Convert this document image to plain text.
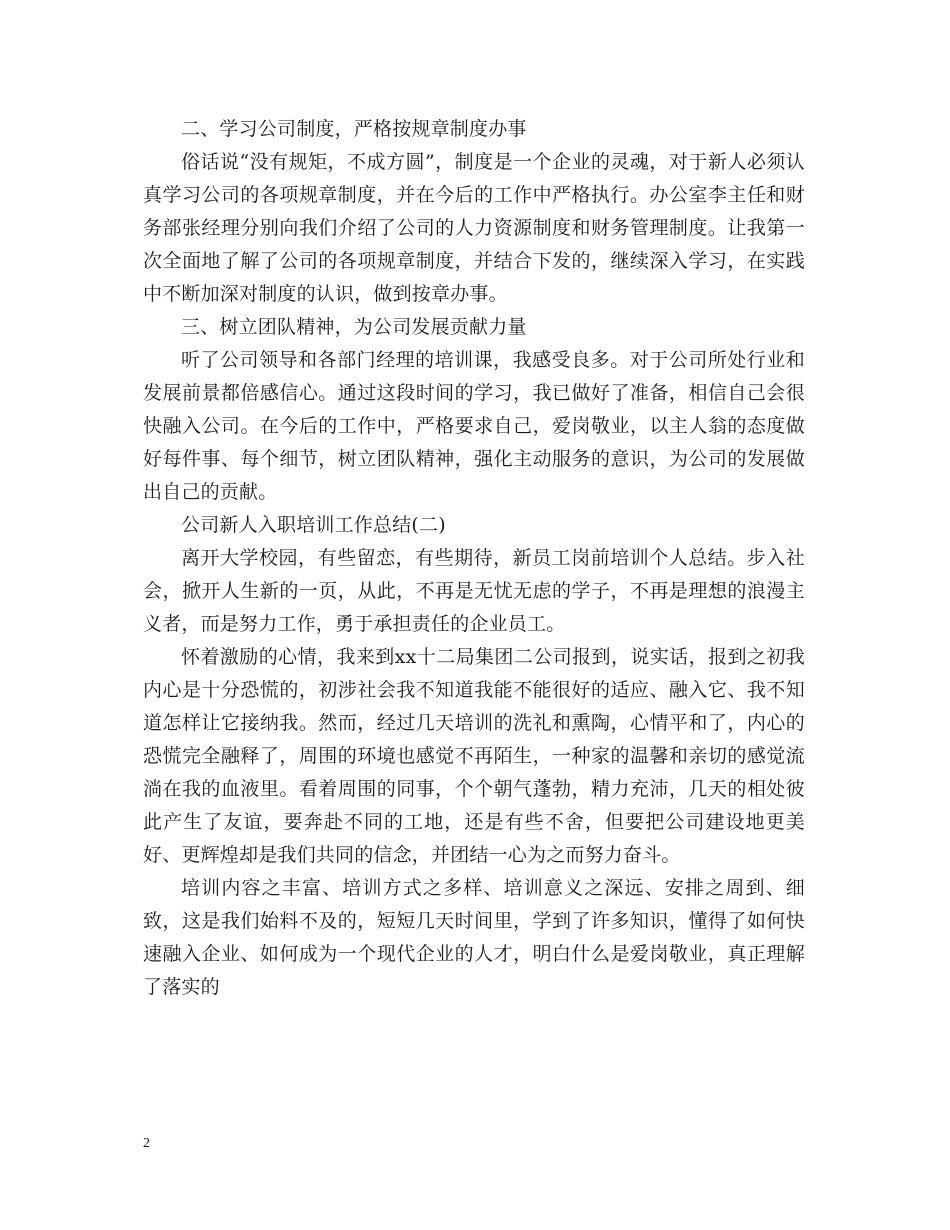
二、学习公司制度，严格按规章制度办事

俗话说“没有规矩，不成方圆”，制度是一个企业的灵魂，对于新人必须认真学习公司的各项规章制度，并在今后的工作中严格执行。办公室李主任和财务部张经理分别向我们介绍了公司的人力资源制度和财务管理制度。让我第一次全面地了解了公司的各项规章制度，并结合下发的，继续深入学习，在实践中不断加深对制度的认识，做到按章办事。

三、树立团队精神，为公司发展贡献力量

听了公司领导和各部门经理的培训课，我感受良多。对于公司所处行业和发展前景都倍感信心。通过这段时间的学习，我已做好了准备，相信自己会很快融入公司。在今后的工作中，严格要求自己，爱岗敬业，以主人翁的态度做好每件事、每个细节，树立团队精神，强化主动服务的意识，为公司的发展做出自己的贡献。

公司新人入职培训工作总结(二)

离开大学校园，有些留恋，有些期待，新员工岗前培训个人总结。步入社会，掀开人生新的一页，从此，不再是无忧无虑的学子，不再是理想的浪漫主义者，而是努力工作，勇于承担责任的企业员工。

怀着激励的心情，我来到xx十二局集团二公司报到，说实话，报到之初我内心是十分恐慌的，初涉社会我不知道我能不能很好的适应、融入它、我不知道怎样让它接纳我。然而，经过几天培训的洗礼和熏陶，心情平和了，内心的恐慌完全融释了，周围的环境也感觉不再陌生，一种家的温馨和亲切的感觉流淌在我的血液里。看着周围的同事，个个朝气蓬勃，精力充沛，几天的相处彼此产生了友谊，要奔赴不同的工地，还是有些不舍，但要把公司建设地更美好、更辉煌却是我们共同的信念，并团结一心为之而努力奋斗。

培训内容之丰富、培训方式之多样、培训意义之深远、安排之周到、细致，这是我们始料不及的，短短几天时间里，学到了许多知识，懂得了如何快速融入企业、如何成为一个现代企业的人才，明白什么是爱岗敬业，真正理解了落实的

2
